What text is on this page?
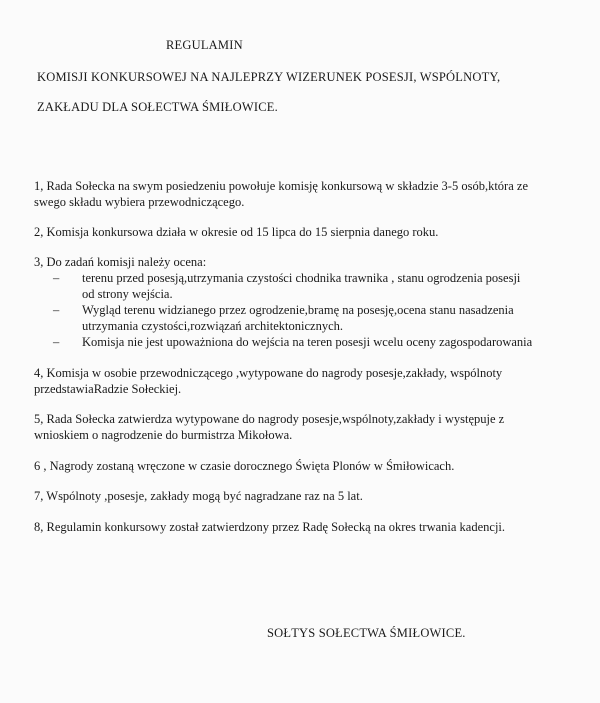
REGULAMIN
KOMISJI KONKURSOWEJ NA NAJLEPRZY WIZERUNEK POSESJI, WSPÓLNOTY,
ZAKŁADU DLA SOŁECTWA ŚMIŁOWICE.
1, Rada Sołecka na swym posiedzeniu powołuje komisję konkursową w składzie 3-5 osób,która ze
swego składu wybiera przewodniczącego.
2, Komisja konkursowa działa w okresie od 15 lipca do 15 sierpnia danego roku.
3, Do zadań komisji należy ocena:
– terenu przed posesją,utrzymania czystości chodnika trawnika , stanu ogrodzenia posesji
od strony wejścia.
– Wygląd terenu widzianego przez ogrodzenie,bramę na posesję,ocena stanu nasadzenia
utrzymania czystości,rozwiązań architektonicznych.
– Komisja nie jest upoważniona do wejścia na teren posesji wcelu oceny zagospodarowania
4, Komisja w osobie przewodniczącego ,wytypowane do nagrody posesje,zakłady, wspólnoty
przedstawiaRadzie Sołeckiej.
5, Rada Sołecka zatwierdza wytypowane do nagrody posesje,wspólnoty,zakłady i występuje z
wnioskiem o nagrodzenie do burmistrza Mikołowa.
6 , Nagrody zostaną wręczone w czasie dorocznego Święta Plonów w Śmiłowicach.
7, Wspólnoty ,posesje, zakłady mogą być nagradzane raz na 5 lat.
8, Regulamin konkursowy został zatwierdzony przez Radę Sołecką na okres trwania kadencji.
SOŁTYS SOŁECTWA ŚMIŁOWICE.
